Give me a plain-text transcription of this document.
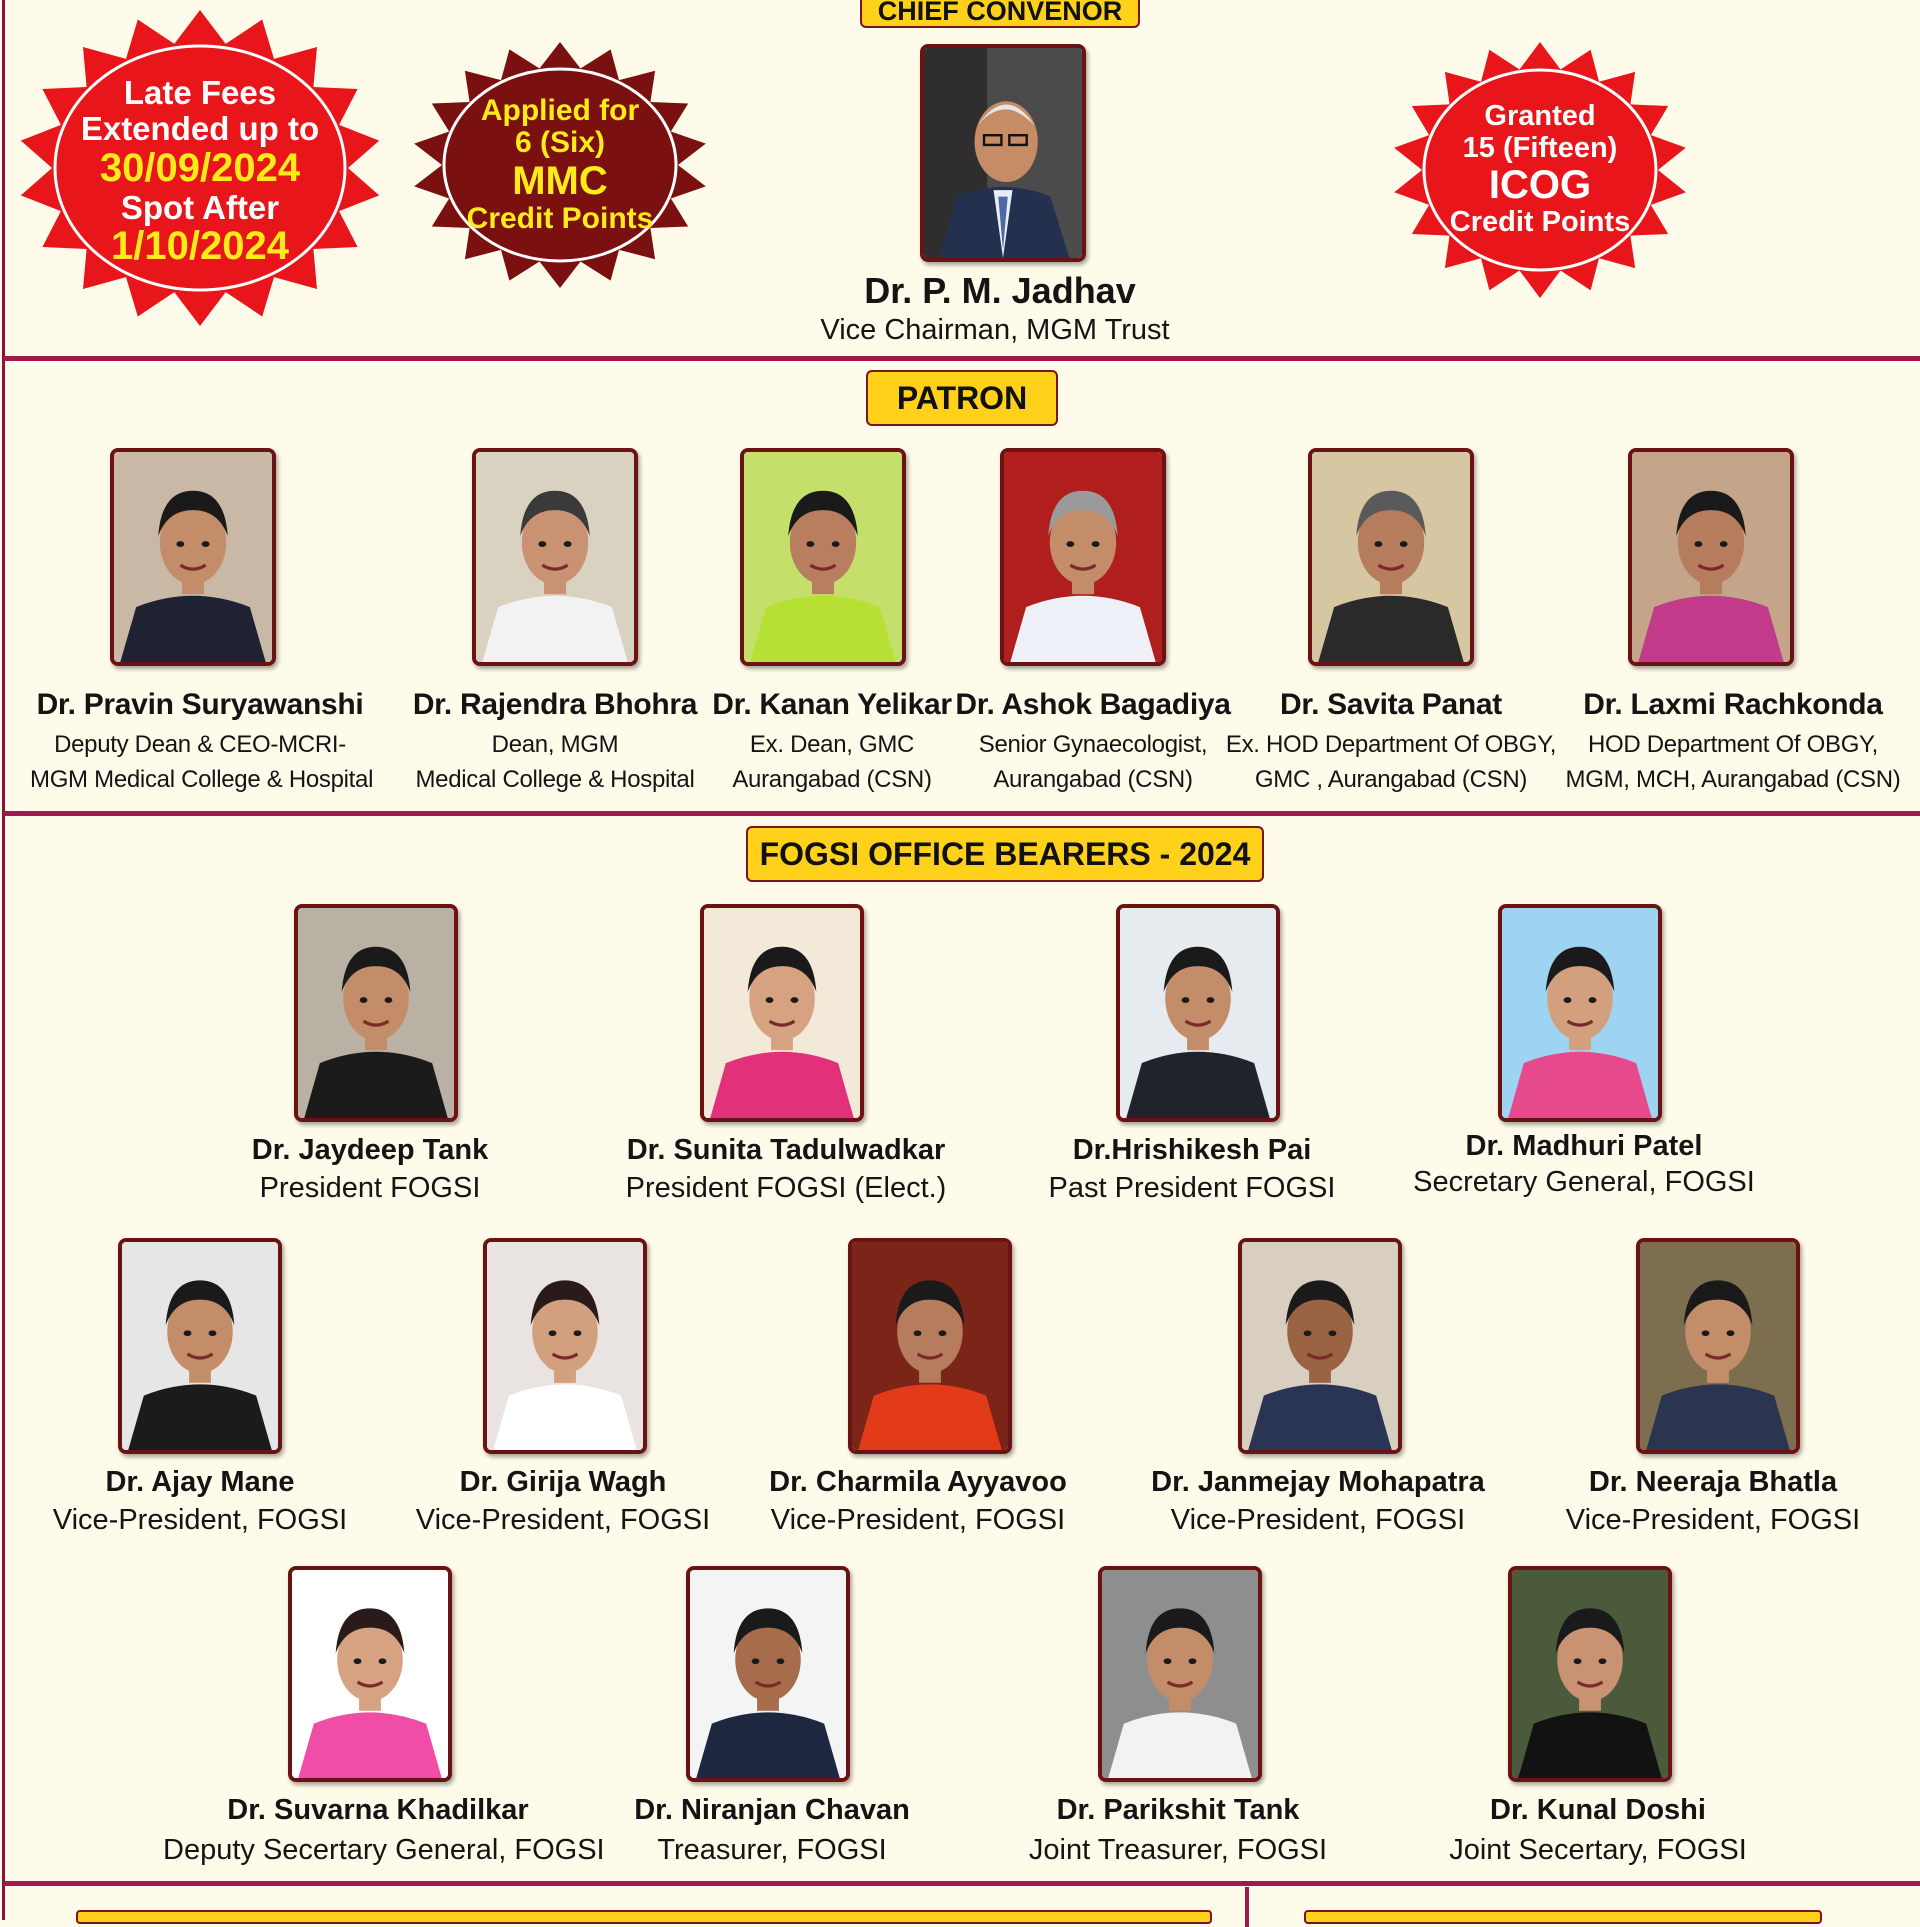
CHIEF CONVENOR
Late Fees
Extended up to
30/09/2024
Spot After
1/10/2024
Applied for
6 (Six)
MMC
Credit Points
Granted
15 (Fifteen)
ICOG
Credit Points
Dr. P. M. Jadhav
Vice Chairman, MGM Trust
PATRON
Dr. Pravin Suryawanshi
Deputy Dean & CEO-MCRI-
MGM Medical College & Hospital
Dr. Rajendra Bhohra
Dean, MGM
Medical College & Hospital
Dr. Kanan Yelikar
Ex. Dean, GMC
Aurangabad (CSN)
Dr. Ashok Bagadiya
Senior Gynaecologist,
Aurangabad (CSN)
Dr. Savita Panat
Ex. HOD Department Of OBGY,
GMC , Aurangabad (CSN)
Dr. Laxmi Rachkonda
HOD Department Of OBGY,
MGM, MCH, Aurangabad (CSN)
FOGSI OFFICE BEARERS - 2024
Dr. Jaydeep Tank
President FOGSI
Dr. Sunita Tadulwadkar
President FOGSI (Elect.)
Dr.Hrishikesh Pai
Past President FOGSI
Dr. Madhuri Patel
Secretary General, FOGSI
Dr. Ajay Mane
Vice-President, FOGSI
Dr. Girija Wagh
Vice-President, FOGSI
Dr. Charmila Ayyavoo
Vice-President, FOGSI
Dr. Janmejay Mohapatra
Vice-President, FOGSI
Dr. Neeraja Bhatla
Vice-President, FOGSI
Dr. Suvarna Khadilkar
Deputy Secertary General, FOGSI
Dr. Niranjan Chavan
Treasurer, FOGSI
Dr. Parikshit Tank
Joint Treasurer, FOGSI
Dr. Kunal Doshi
Joint Secertary, FOGSI
